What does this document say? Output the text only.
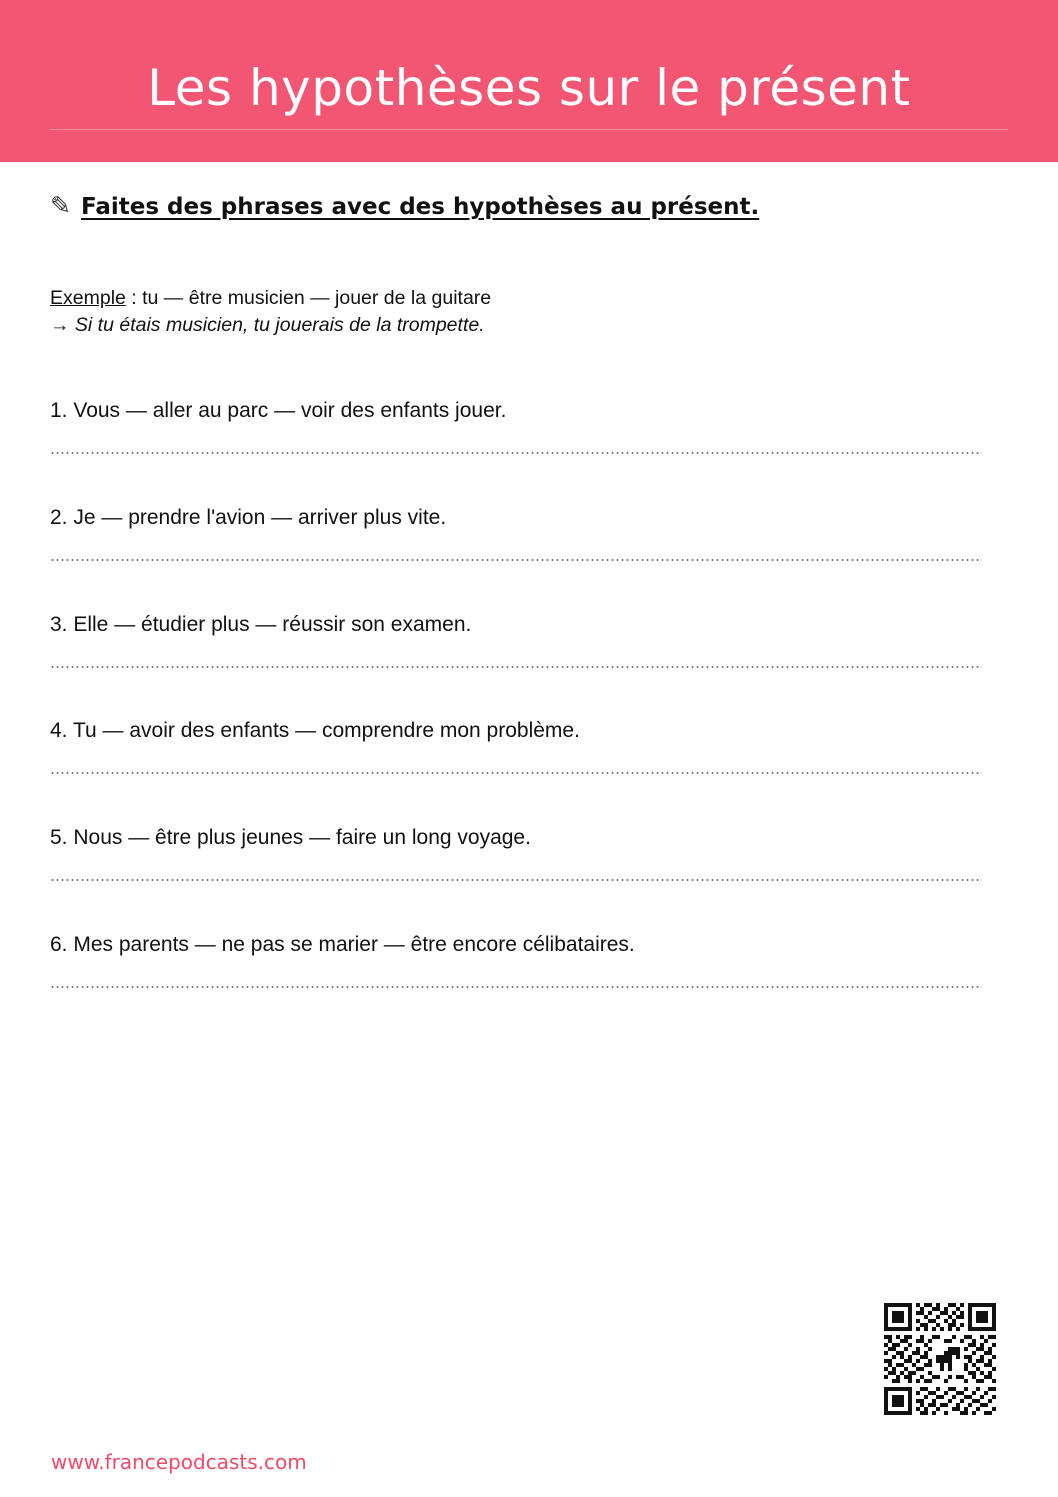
Les hypothèses sur le présent
✎ Faites des phrases avec des hypothèses au présent.
Exemple : tu — être musicien — jouer de la guitare
→ Si tu étais musicien, tu jouerais de la trompette.
1. Vous — aller au parc — voir des enfants jouer.
2. Je — prendre l'avion — arriver plus vite.
3. Elle — étudier plus — réussir son examen.
4. Tu — avoir des enfants — comprendre mon problème.
5. Nous — être plus jeunes — faire un long voyage.
6. Mes parents — ne pas se marier — être encore célibataires.
www.francepodcasts.com
